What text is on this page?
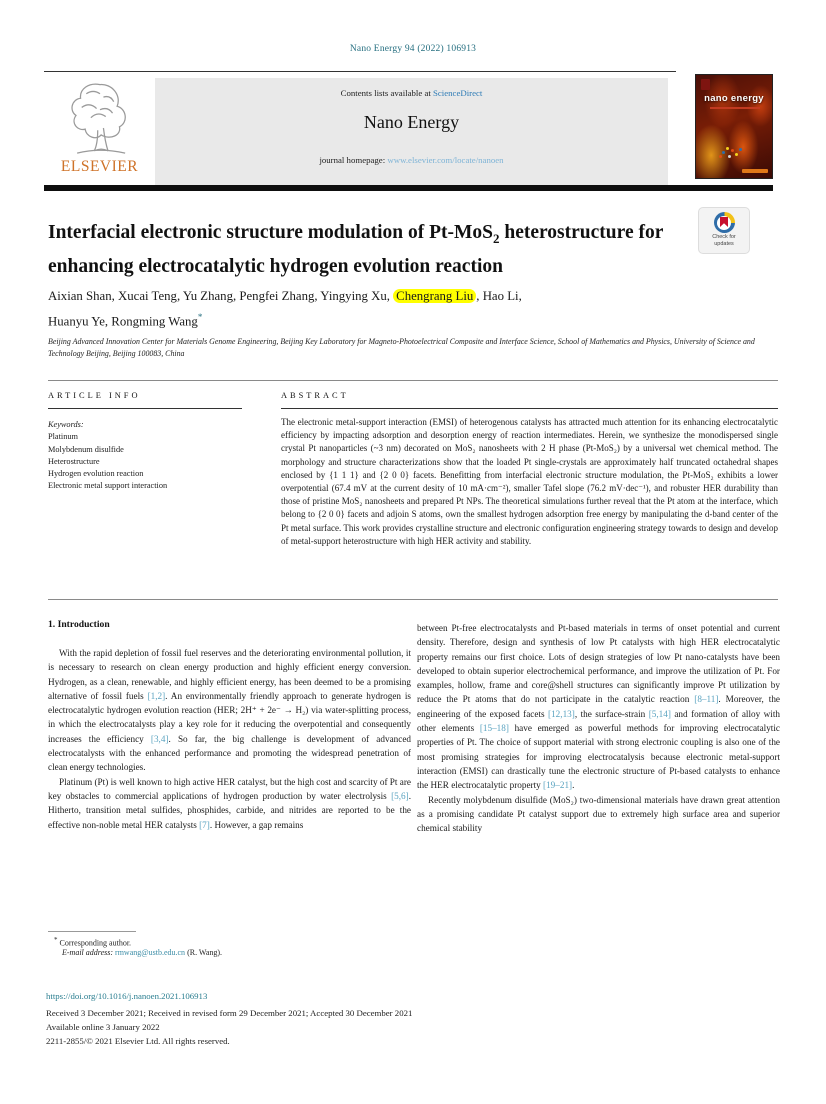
Nano Energy 94 (2022) 106913
ELSEVIER
Contents lists available at ScienceDirect
Nano Energy
journal homepage: www.elsevier.com/locate/nanoen
nano energy
Interfacial electronic structure modulation of Pt-MoS$_2$ heterostructure for enhancing electrocatalytic hydrogen evolution reaction
Check for
updates
Aixian Shan, Xucai Teng, Yu Zhang, Pengfei Zhang, Yingying Xu, Chengrang Liu , Hao Li,
Huanyu Ye, Rongming Wang*
Beijing Advanced Innovation Center for Materials Genome Engineering, Beijing Key Laboratory for Magneto-Photoelectrical Composite and Interface Science, School of Mathematics and Physics, University of Science and Technology Beijing, Beijing 100083, China
ARTICLE INFO	ABSTRACT
Keywords:
Platinum
Molybdenum disulfide
Heterostructure
Hydrogen evolution reaction
Electronic metal support interaction
The electronic metal-support interaction (EMSI) of heterogenous catalysts has attracted much attention for its enhancing electrocatalytic efficiency by impacting adsorption and desorption energy of reaction intermediates. Herein, we synthesize the monodispersed single crystal Pt nanoparticles (~3 nm) decorated on MoS₂ nanosheets with 2 H phase (Pt-MoS₂) by a universal wet chemical method. The morphology and structure characterizations show that the loaded Pt single-crystals are approximately half truncated octahedral shapes enclosed by {1 1 1} and {2 0 0} facets. Benefitting from interfacial electronic structure modulation, the Pt-MoS₂ exhibits a lower overpotential (67.4 mV at the current desity of 10 mA·cm⁻²), smaller Tafel slope (76.2 mV·dec⁻¹), and robuster HER durability than those of pristine MoS₂ nanosheets and prepared Pt NPs. The theoretical simulations further reveal that the Pt atom at the interface, which belong to {2 0 0} facets and adjoin S atoms, own the smallest hydrogen adsorption free energy by manipulating the d-band center of the Pt metal surface. This work provides crystalline structure and electronic configuration engineering strategy towards to design and develop of metal-support heterostructure with high HER activity and stability.
1. Introduction

With the rapid depletion of fossil fuel reserves and the deteriorating environmental pollution, it is necessary to research on clean energy production and highly efficient energy conversion. Hydrogen, as a clean, renewable, and highly efficient energy, has been deemed to be a promising alternative of fossil fuels [1,2]. An environmentally friendly approach to generate hydrogen is electrocatalytic hydrogen evolution reaction (HER; 2H⁺ + 2e⁻ → H₂) via water-splitting process, in which the electrocatalysts play a key role for it reducing the overpotential and consequently increases the efficiency [3,4]. So far, the big challenge is development of advanced electrocatalysts with the enhanced performance and promoting the widespread penetration of clean energy technologies.

Platinum (Pt) is well known to high active HER catalyst, but the high cost and scarcity of Pt are key obstacles to commercial applications of hydrogen production by water electrolysis [5,6]. Hitherto, transition metal sulfides, phosphides, carbide, and nitrides are reported to be the effective non-noble metal HER catalysts [7]. However, a gap remains

between Pt-free electrocatalysts and Pt-based materials in terms of onset potential and current density. Therefore, design and synthesis of low Pt catalysts with high HER electrocatalytic property remains our first choice. Lots of design strategies of low Pt nano-catalysts have been developed to obtain superior electrochemical performance, and improve the utilization of Pt. For examples, hollow, frame and core@shell structures can significantly improve Pt utilization by reduce the Pt atoms that do not participate in the catalytic reaction [8–11]. Moreover, the engineering of the exposed facets [12,13], the surface-strain [5,14] and formation of alloy with other elements [15–18] have emerged as powerful methods for improving electrocatalytic properties of Pt. The choice of support material with strong electronic coupling is also one of the most promising strategies for improving electrocatalysis because electronic metal-support interaction (EMSI) can drastically tune the electronic structure of Pt-based catalysts to enhance the HER electrocatalytic property [19–21].

Recently molybdenum disulfide (MoS₂) two-dimensional materials have drawn great attention as a promising candidate Pt catalyst support due to extremely high surface area and superior chemical stability

* Corresponding author.
E-mail address: rmwang@ustb.edu.cn (R. Wang).
https://doi.org/10.1016/j.nanoen.2021.106913
Received 3 December 2021; Received in revised form 29 December 2021; Accepted 30 December 2021
Available online 3 January 2022
2211-2855/© 2021 Elsevier Ltd. All rights reserved.
